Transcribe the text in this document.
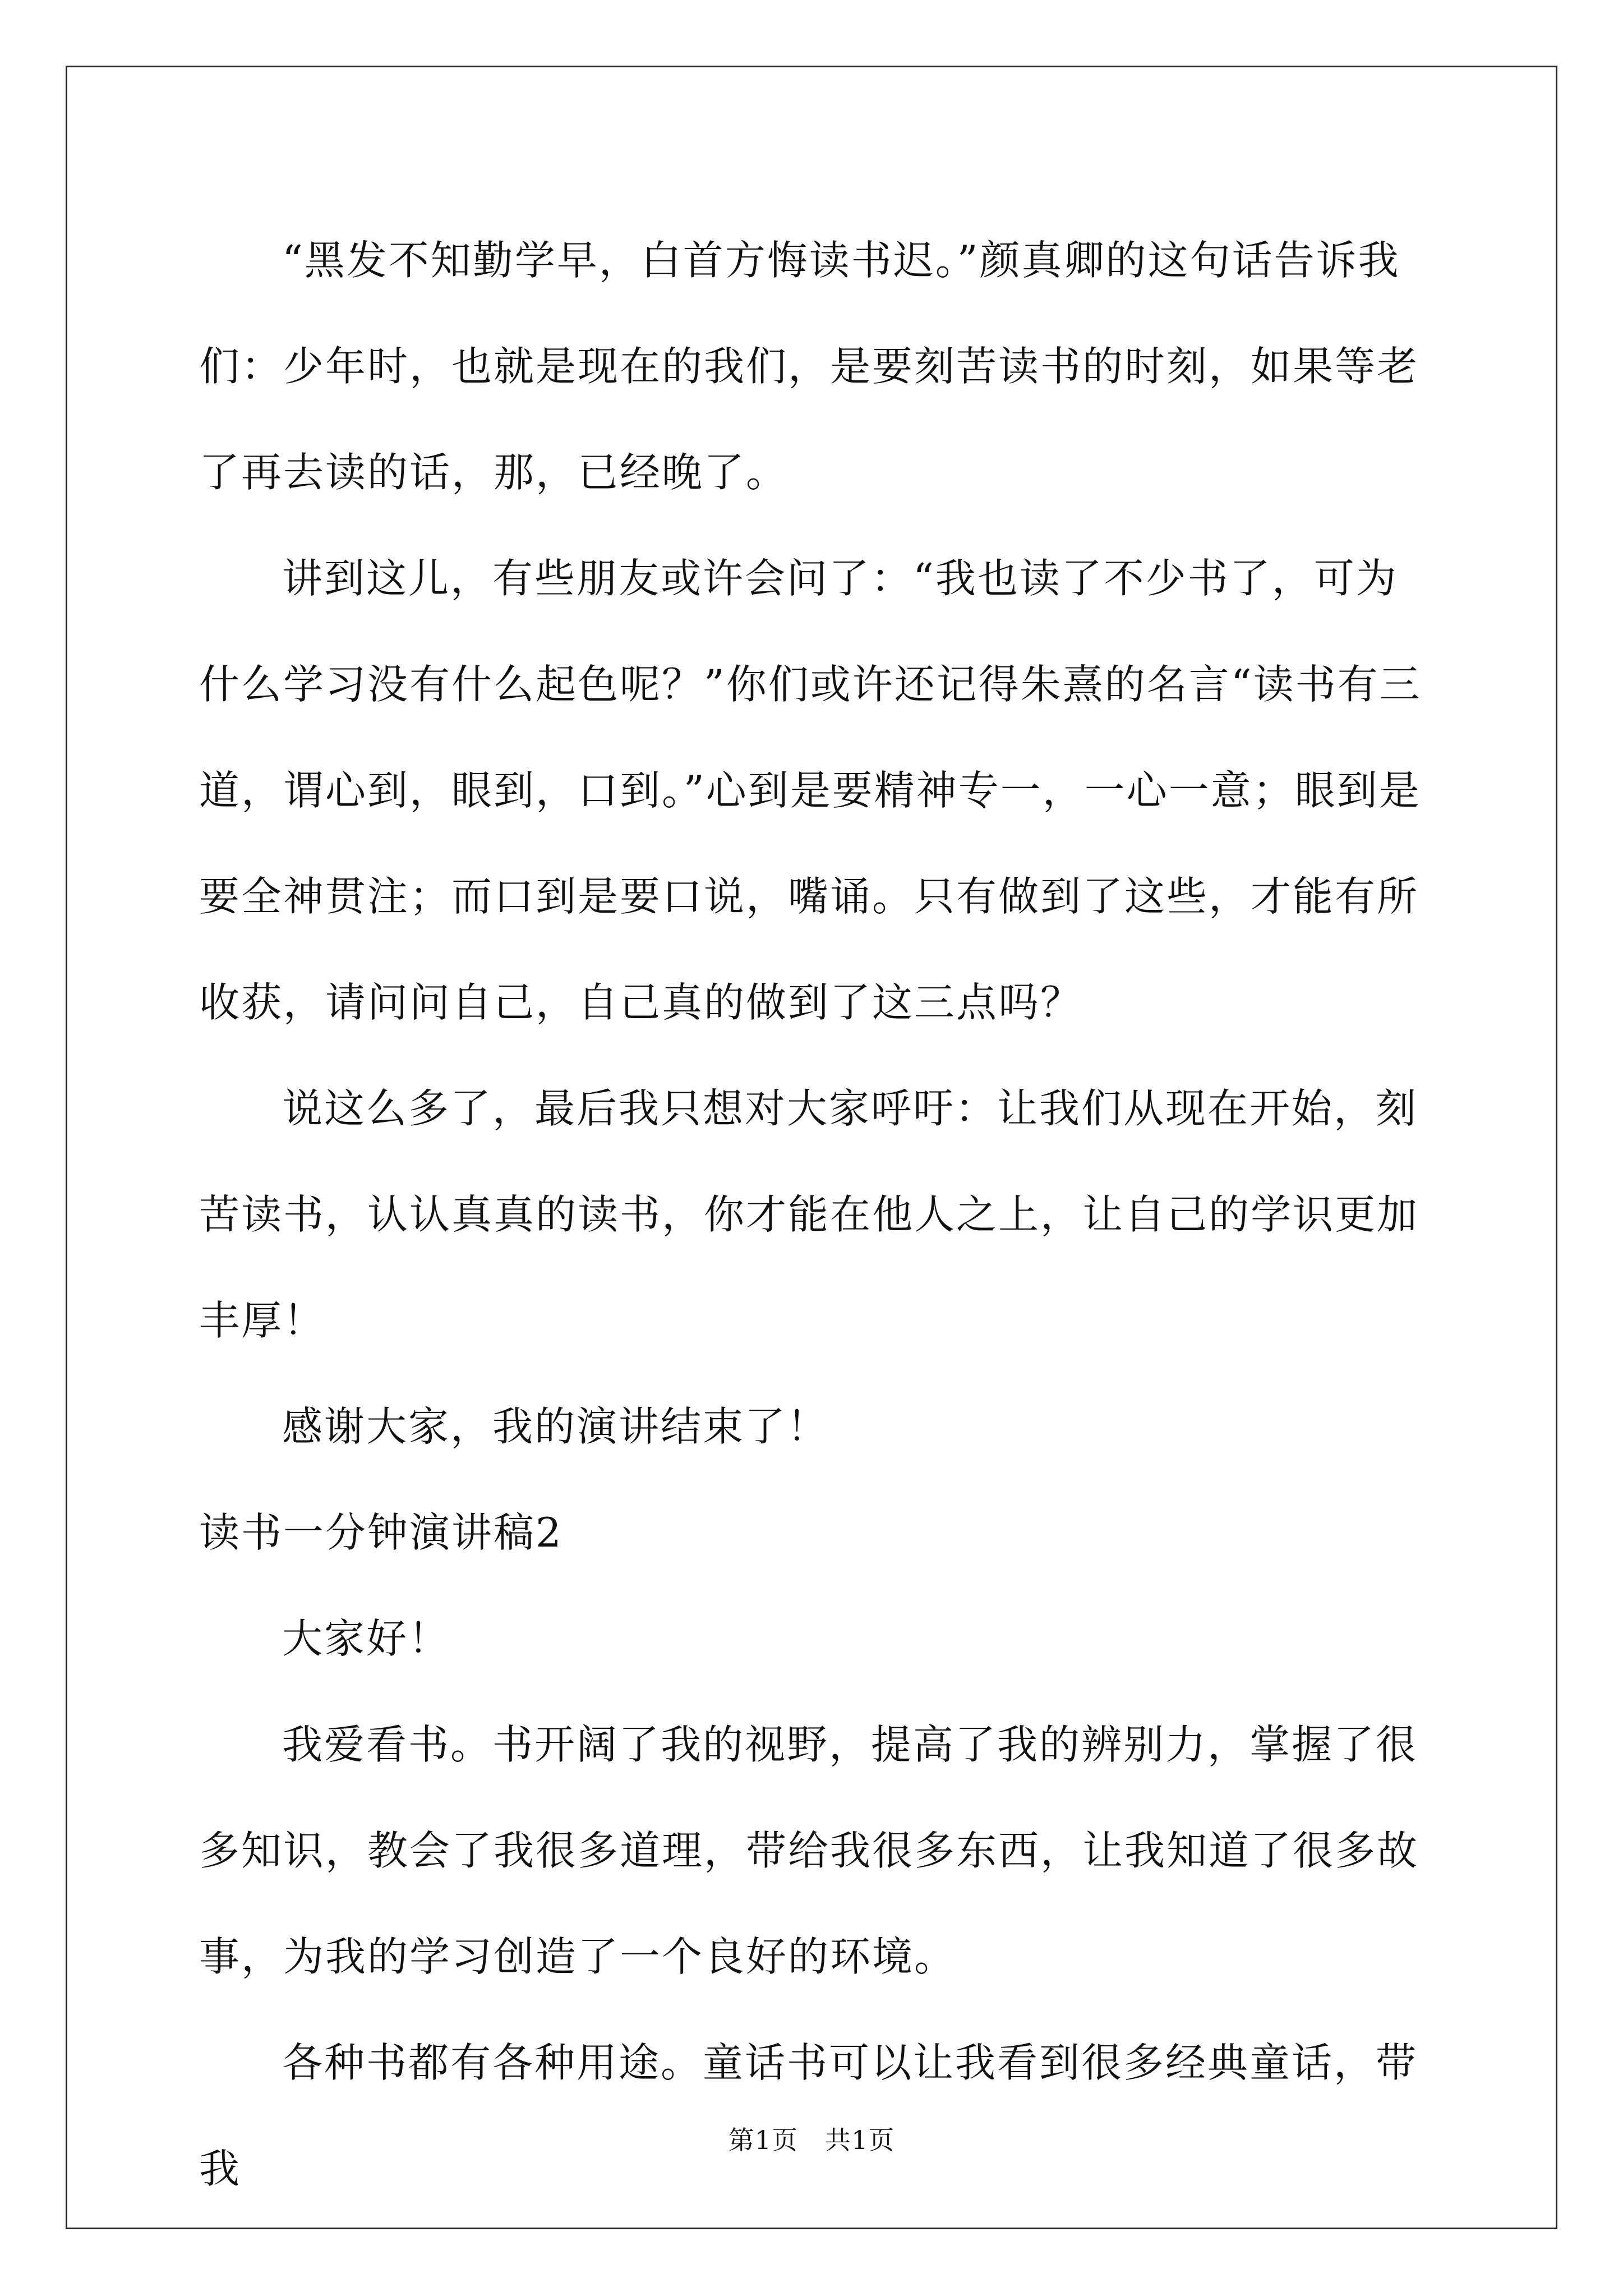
“黑发不知勤学早，白首方悔读书迟。”颜真卿的这句话告诉我们：少年时，也就是现在的我们，是要刻苦读书的时刻，如果等老了再去读的话，那，已经晚了。

讲到这儿，有些朋友或许会问了：“我也读了不少书了，可为什么学习没有什么起色呢？”你们或许还记得朱熹的名言“读书有三道，谓心到，眼到，口到。”心到是要精神专一，一心一意；眼到是要全神贯注；而口到是要口说，嘴诵。只有做到了这些，才能有所收获，请问问自己，自己真的做到了这三点吗？

说这么多了，最后我只想对大家呼吁：让我们从现在开始，刻苦读书，认认真真的读书，你才能在他人之上，让自己的学识更加丰厚！

感谢大家，我的演讲结束了！

读书一分钟演讲稿2

大家好！

我爱看书。书开阔了我的视野，提高了我的辨别力，掌握了很多知识，教会了我很多道理，带给我很多东西，让我知道了很多故事，为我的学习创造了一个良好的环境。

各种书都有各种用途。童话书可以让我看到很多经典童话，带我

第1页 共1页
